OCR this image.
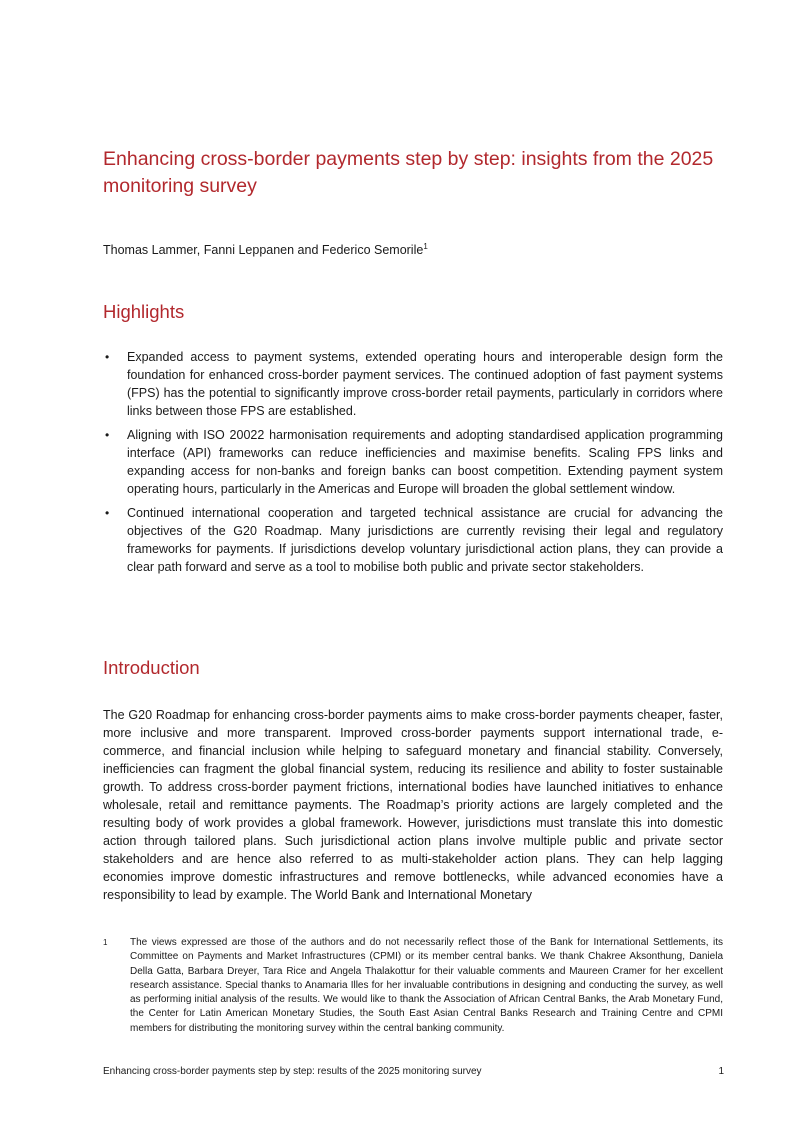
Enhancing cross-border payments step by step: insights from the 2025 monitoring survey
Thomas Lammer, Fanni Leppanen and Federico Semorile$^1$
Highlights
• Expanded access to payment systems, extended operating hours and interoperable design form the foundation for enhanced cross-border payment services. The continued adoption of fast payment systems (FPS) has the potential to significantly improve cross-border retail payments, particularly in corridors where links between those FPS are established.
• Aligning with ISO 20022 harmonisation requirements and adopting standardised application programming interface (API) frameworks can reduce inefficiencies and maximise benefits. Scaling FPS links and expanding access for non-banks and foreign banks can boost competition. Extending payment system operating hours, particularly in the Americas and Europe will broaden the global settlement window.
• Continued international cooperation and targeted technical assistance are crucial for advancing the objectives of the G20 Roadmap. Many jurisdictions are currently revising their legal and regulatory frameworks for payments. If jurisdictions develop voluntary jurisdictional action plans, they can provide a clear path forward and serve as a tool to mobilise both public and private sector stakeholders.
Introduction

The G20 Roadmap for enhancing cross-border payments aims to make cross-border payments cheaper, faster, more inclusive and more transparent. Improved cross-border payments support international trade, e-commerce, and financial inclusion while helping to safeguard monetary and financial stability. Conversely, inefficiencies can fragment the global financial system, reducing its resilience and ability to foster sustainable growth. To address cross-border payment frictions, international bodies have launched initiatives to enhance wholesale, retail and remittance payments. The Roadmap’s priority actions are largely completed and the resulting body of work provides a global framework. However, jurisdictions must translate this into domestic action through tailored plans. Such jurisdictional action plans involve multiple public and private sector stakeholders and are hence also referred to as multi-stakeholder action plans. They can help lagging economies improve domestic infrastructures and remove bottlenecks, while advanced economies have a responsibility to lead by example. The World Bank and International Monetary

1	The views expressed are those of the authors and do not necessarily reflect those of the Bank for International Settlements, its Committee on Payments and Market Infrastructures (CPMI) or its member central banks. We thank Chakree Aksonthung, Daniela Della Gatta, Barbara Dreyer, Tara Rice and Angela Thalakottur for their valuable comments and Maureen Cramer for her excellent research assistance. Special thanks to Anamaria Illes for her invaluable contributions in designing and conducting the survey, as well as performing initial analysis of the results. We would like to thank the Association of African Central Banks, the Arab Monetary Fund, the Center for Latin American Monetary Studies, the South East Asian Central Banks Research and Training Centre and CPMI members for distributing the monitoring survey within the central banking community.
Enhancing cross-border payments step by step: results of the 2025 monitoring survey	1
